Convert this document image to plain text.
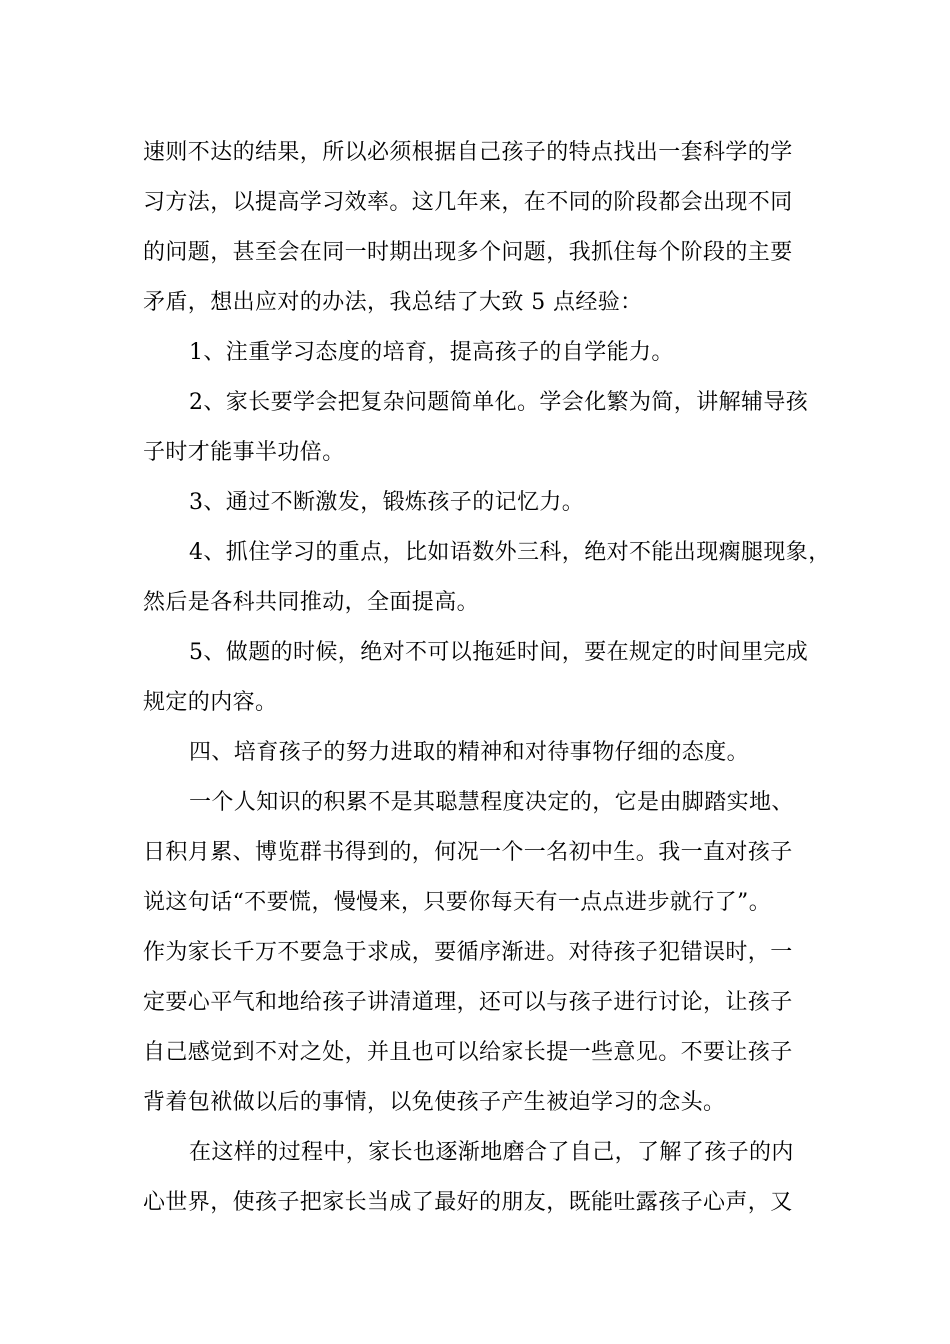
速则不达的结果，所以必须根据自己孩子的特点找出一套科学的学
习方法，以提高学习效率。这几年来，在不同的阶段都会出现不同
的问题，甚至会在同一时期出现多个问题，我抓住每个阶段的主要
矛盾，想出应对的办法，我总结了大致 5 点经验：
1、注重学习态度的培育，提高孩子的自学能力。
2、家长要学会把复杂问题简单化。学会化繁为简，讲解辅导孩
子时才能事半功倍。
3、通过不断激发，锻炼孩子的记忆力。
4、抓住学习的重点，比如语数外三科，绝对不能出现瘸腿现象，
然后是各科共同推动，全面提高。
5、做题的时候，绝对不可以拖延时间，要在规定的时间里完成
规定的内容。
四、培育孩子的努力进取的精神和对待事物仔细的态度。
一个人知识的积累不是其聪慧程度决定的，它是由脚踏实地、
日积月累、博览群书得到的，何况一个一名初中生。我一直对孩子
说这句话“不要慌，慢慢来，只要你每天有一点点进步就行了”。
作为家长千万不要急于求成，要循序渐进。对待孩子犯错误时，一
定要心平气和地给孩子讲清道理，还可以与孩子进行讨论，让孩子
自己感觉到不对之处，并且也可以给家长提一些意见。不要让孩子
背着包袱做以后的事情，以免使孩子产生被迫学习的念头。
在这样的过程中，家长也逐渐地磨合了自己，了解了孩子的内
心世界，使孩子把家长当成了最好的朋友，既能吐露孩子心声，又
